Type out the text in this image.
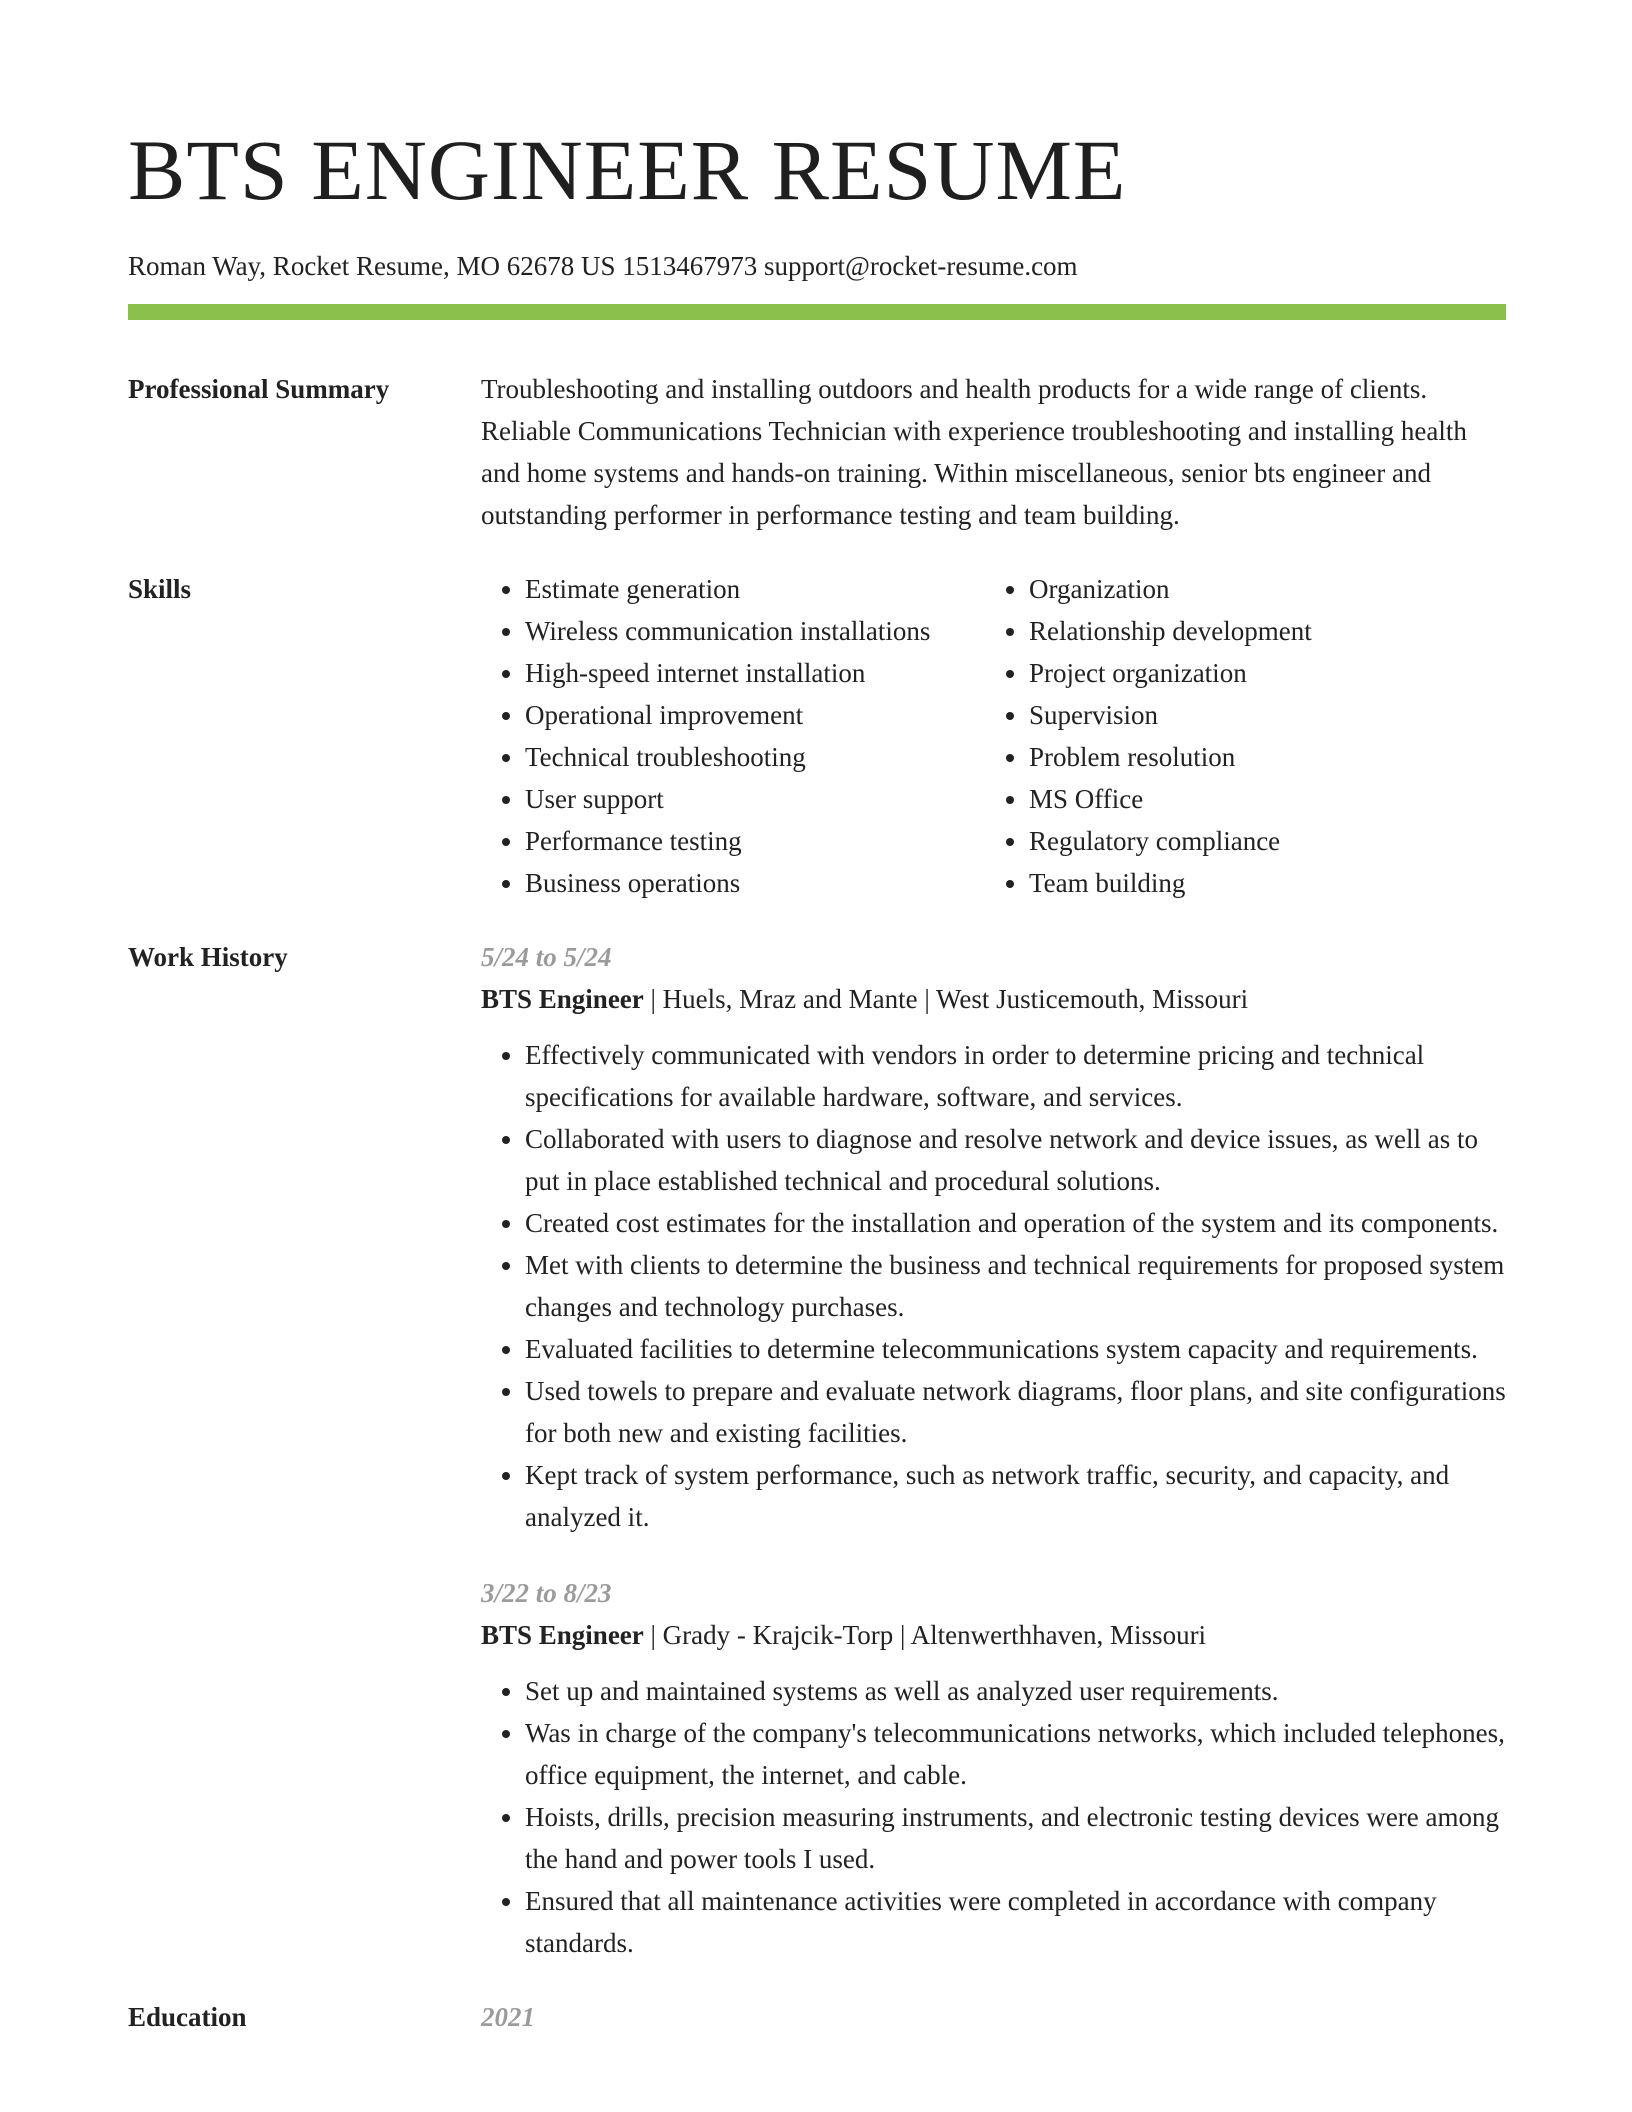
BTS ENGINEER RESUME
Roman Way, Rocket Resume, MO 62678 US 1513467973 support@rocket-resume.com
Professional Summary	Troubleshooting and installing outdoors and health products for a wide range of clients. Reliable Communications Technician with experience troubleshooting and installing health and home systems and hands-on training. Within miscellaneous, senior bts engineer and outstanding performer in performance testing and team building.

Skills
•	Estimate generation
• Wireless communication installations
• High-speed internet installation
• Operational improvement
• Technical troubleshooting
• User support
• Performance testing
• Business operations
• Organization
• Relationship development
• Project organization
• Supervision
• Problem resolution
• MS Office
• Regulatory compliance
• Team building
Work History	5/24 to 5/24
BTS Engineer | Huels, Mraz and Mante | West Justicemouth, Missouri
• Effectively communicated with vendors in order to determine pricing and technical specifications for available hardware, software, and services.
• Collaborated with users to diagnose and resolve network and device issues, as well as to put in place established technical and procedural solutions.
• Created cost estimates for the installation and operation of the system and its components.
• Met with clients to determine the business and technical requirements for proposed system changes and technology purchases.
• Evaluated facilities to determine telecommunications system capacity and requirements.
• Used towels to prepare and evaluate network diagrams, floor plans, and site configurations for both new and existing facilities.
• Kept track of system performance, such as network traffic, security, and capacity, and analyzed it.
3/22 to 8/23
BTS Engineer | Grady - Krajcik-Torp | Altenwerthhaven, Missouri
• Set up and maintained systems as well as analyzed user requirements.
• Was in charge of the company's telecommunications networks, which included telephones, office equipment, the internet, and cable.
• Hoists, drills, precision measuring instruments, and electronic testing devices were among the hand and power tools I used.
• Ensured that all maintenance activities were completed in accordance with company standards.
Education	2021
